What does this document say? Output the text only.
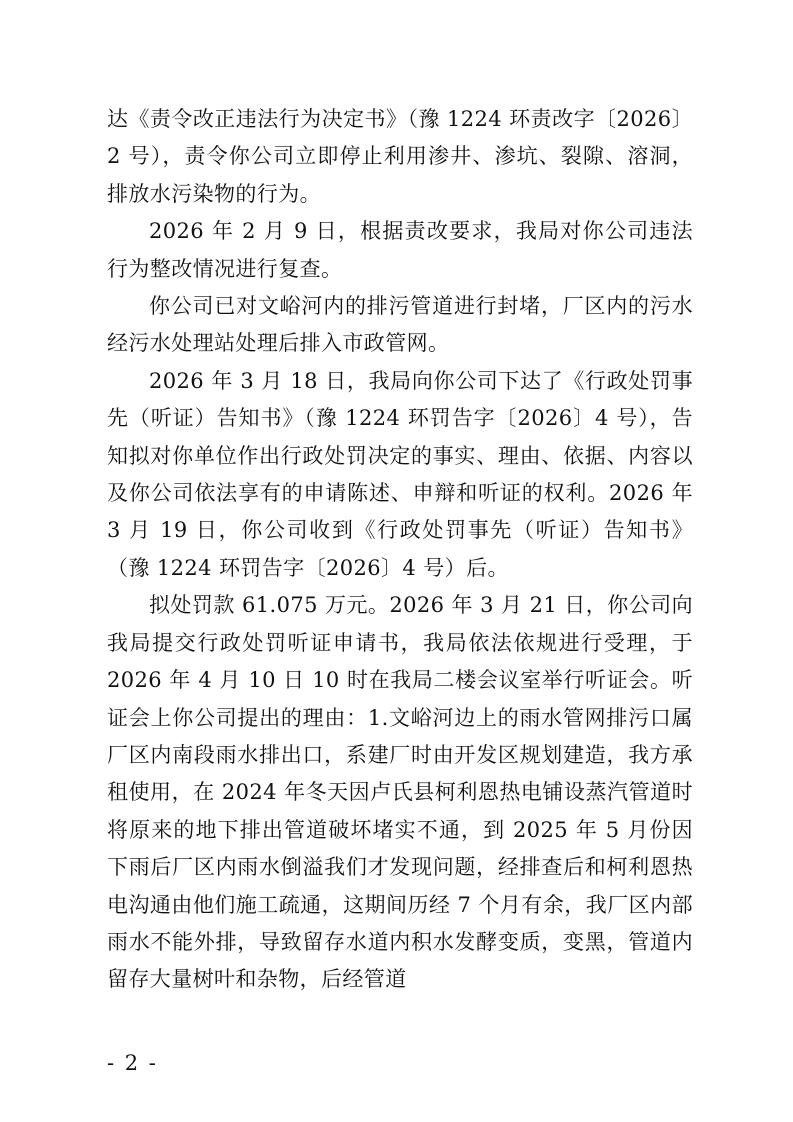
达《责令改正违法行为决定书》（豫 1224 环责改字〔2026〕2 号），责令你公司立即停止利用渗井、渗坑、裂隙、溶洞，排放水污染物的行为。

2026 年 2 月 9 日，根据责改要求，我局对你公司违法行为整改情况进行复查。

你公司已对文峪河内的排污管道进行封堵，厂区内的污水经污水处理站处理后排入市政管网。

2026 年 3 月 18 日，我局向你公司下达了《行政处罚事先（听证）告知书》（豫 1224 环罚告字〔2026〕4 号），告知拟对你单位作出行政处罚决定的事实、理由、依据、内容以及你公司依法享有的申请陈述、申辩和听证的权利。2026 年 3 月 19 日，你公司收到《行政处罚事先（听证）告知书》（豫 1224 环罚告字〔2026〕4 号）后。

拟处罚款 61.075 万元。2026 年 3 月 21 日，你公司向我局提交行政处罚听证申请书，我局依法依规进行受理，于 2026 年 4 月 10 日 10 时在我局二楼会议室举行听证会。听证会上你公司提出的理由：1.文峪河边上的雨水管网排污口属厂区内南段雨水排出口，系建厂时由开发区规划建造，我方承租使用，在 2024 年冬天因卢氏县柯利恩热电铺设蒸汽管道时将原来的地下排出管道破坏堵实不通，到 2025 年 5 月份因下雨后厂区内雨水倒溢我们才发现问题，经排查后和柯利恩热电沟通由他们施工疏通，这期间历经 7 个月有余，我厂区内部雨水不能外排，导致留存水道内积水发酵变质，变黑，管道内留存大量树叶和杂物，后经管道

- 2 -
